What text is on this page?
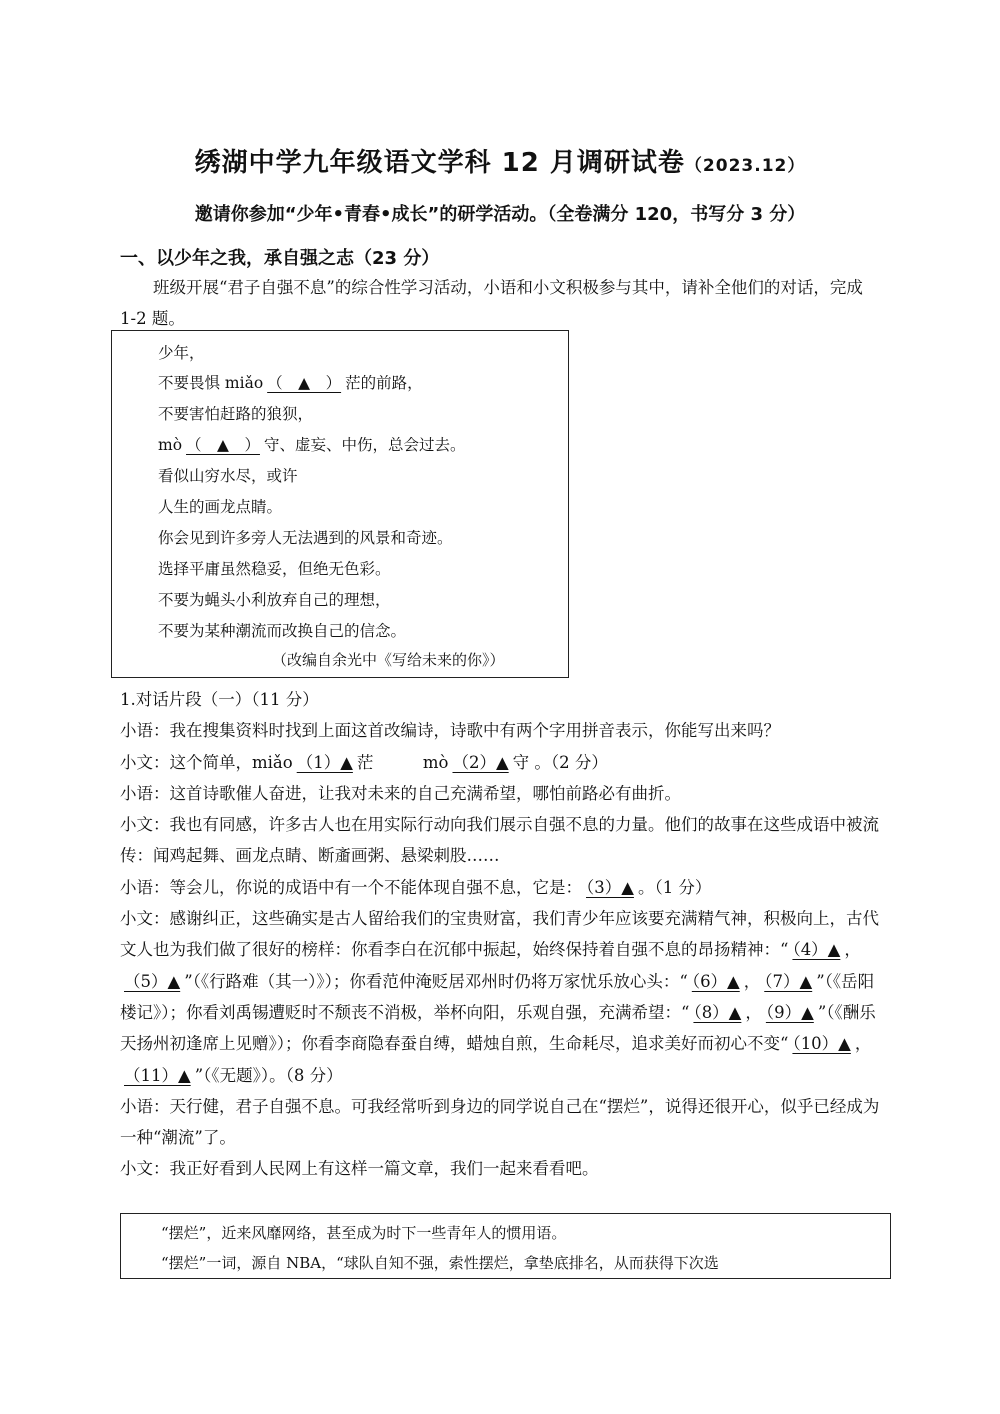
绣湖中学九年级语文学科 12 月调研试卷（2023.12）
邀请你参加“少年•青春•成长”的研学活动。（全卷满分 120，书写分 3 分）
一、以少年之我，承自强之志（23 分）
班级开展“君子自强不息”的综合性学习活动，小语和小文积极参与其中，请补全他们的对话，完成 1-2 题。
少年，
不要畏惧 miǎo （　▲　） 茫的前路，
不要害怕赶路的狼狈，
mò （　▲　） 守、虚妄、中伤，总会过去。
看似山穷水尽，或许
人生的画龙点睛。
你会见到许多旁人无法遇到的风景和奇迹。
选择平庸虽然稳妥，但绝无色彩。
不要为蝇头小利放弃自己的理想，
不要为某种潮流而改换自己的信念。
（改编自余光中《写给未来的你》）

1.对话片段（一）（11 分）

小语：我在搜集资料时找到上面这首改编诗，诗歌中有两个字用拼音表示，你能写出来吗？

小文：这个简单，miǎo （1）▲ 茫　　　mò （2）▲ 守 。（2 分）

小语：这首诗歌催人奋进，让我对未来的自己充满希望，哪怕前路必有曲折。

小文：我也有同感，许多古人也在用实际行动向我们展示自强不息的力量。他们的故事在这些成语中被流传：闻鸡起舞、画龙点睛、断齑画粥、悬梁刺股……

小语：等会儿，你说的成语中有一个不能体现自强不息，它是： （3）▲ 。（1 分）

小文：感谢纠正，这些确实是古人留给我们的宝贵财富，我们青少年应该要充满精气神，积极向上，古代文人也为我们做了很好的榜样：你看李白在沉郁中振起，始终保持着自强不息的昂扬精神：“ （4）▲ ，（5）▲ ”（《行路难（其一）》）；你看范仲淹贬居邓州时仍将万家忧乐放心头：“ （6）▲ ， （7）▲ ”（《岳阳楼记》）；你看刘禹锡遭贬时不颓丧不消极，举杯向阳，乐观自强，充满希望：“ （8）▲ ， （9）▲ ”（《酬乐天扬州初逢席上见赠》）；你看李商隐春蚕自缚，蜡烛自煎，生命耗尽，追求美好而初心不变“ （10）▲ ，（11）▲ ”（《无题》）。（8 分）

小语：天行健，君子自强不息。可我经常听到身边的同学说自己在“摆烂”，说得还很开心，似乎已经成为一种“潮流”了。

小文：我正好看到人民网上有这样一篇文章，我们一起来看看吧。

“摆烂”，近来风靡网络，甚至成为时下一些青年人的惯用语。
“摆烂”一词，源自 NBA，“球队自知不强，索性摆烂，拿垫底排名，从而获得下次选
